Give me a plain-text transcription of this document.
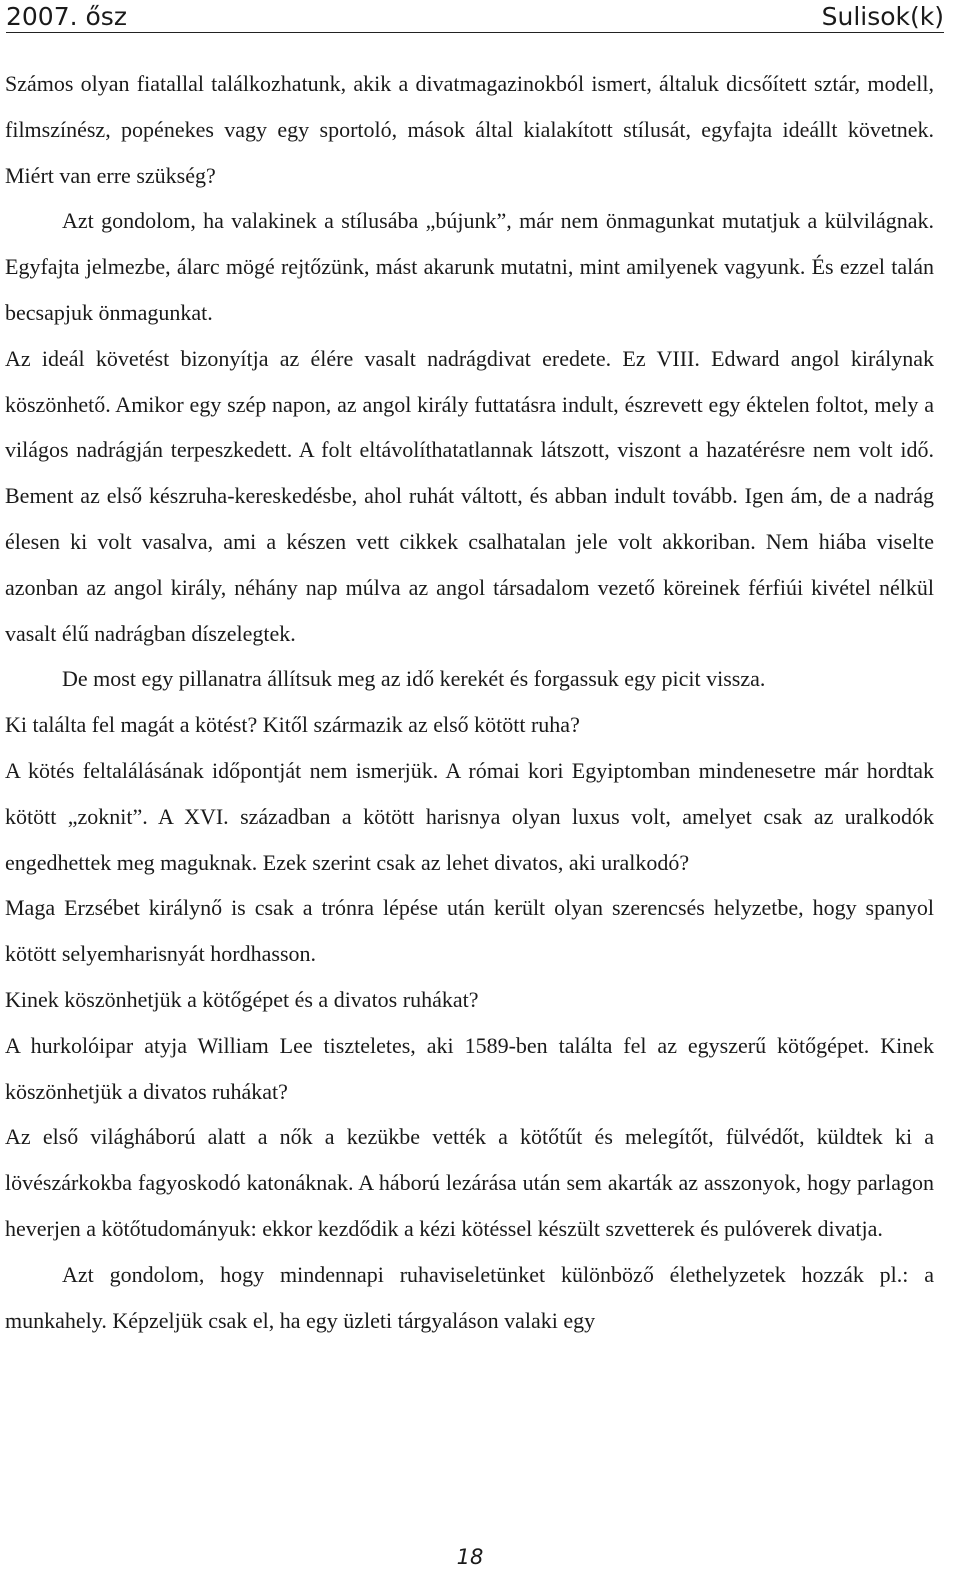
2007. ősz	Sulisok(k)

Számos olyan fiatallal találkozhatunk, akik a divatmagazinokból ismert, általuk dicsőített sztár, modell, filmszínész, popénekes vagy egy sportoló, mások által kialakított stílusát, egyfajta ideállt követnek. Miért van erre szükség?

Azt gondolom, ha valakinek a stílusába „bújunk”, már nem önmagunkat mutatjuk a külvilágnak. Egyfajta jelmezbe, álarc mögé rejtőzünk, mást akarunk mutatni, mint amilyenek vagyunk. És ezzel talán becsapjuk önmagunkat.

Az ideál követést bizonyítja az élére vasalt nadrágdivat eredete. Ez VIII. Edward angol királynak köszönhető. Amikor egy szép napon, az angol király futtatásra indult, észrevett egy éktelen foltot, mely a világos nadrágján terpeszkedett. A folt eltávolíthatatlannak látszott, viszont a hazatérésre nem volt idő. Bement az első készruha-kereskedésbe, ahol ruhát váltott, és abban indult tovább. Igen ám, de a nadrág élesen ki volt vasalva, ami a készen vett cikkek csalhatalan jele volt akkoriban. Nem hiába viselte azonban az angol király, néhány nap múlva az angol társadalom vezető köreinek férfiúi kivétel nélkül vasalt élű nadrágban díszelegtek.

De most egy pillanatra állítsuk meg az idő kerekét és forgassuk egy picit vissza.

Ki találta fel magát a kötést? Kitől származik az első kötött ruha?

A kötés feltalálásának időpontját nem ismerjük. A római kori Egyiptomban mindenesetre már hordtak kötött „zoknit”. A XVI. században a kötött harisnya olyan luxus volt, amelyet csak az uralkodók engedhettek meg maguknak. Ezek szerint csak az lehet divatos, aki uralkodó?

Maga Erzsébet királynő is csak a trónra lépése után került olyan szerencsés helyzetbe, hogy spanyol kötött selyemharisnyát hordhasson.

Kinek köszönhetjük a kötőgépet és a divatos ruhákat?

A hurkolóipar atyja William Lee tiszteletes, aki 1589-ben találta fel az egyszerű kötőgépet. Kinek köszönhetjük a divatos ruhákat?

Az első világháború alatt a nők a kezükbe vették a kötőtűt és melegítőt, fülvédőt, küldtek ki a lövészárkokba fagyoskodó katonáknak. A háború lezárása után sem akarták az asszonyok, hogy parlagon heverjen a kötőtudományuk: ekkor kezdődik a kézi kötéssel készült szvetterek és pulóverek divatja.

Azt gondolom, hogy mindennapi ruhaviseletünket különböző élethelyzetek hozzák pl.: a munkahely. Képzeljük csak el, ha egy üzleti tárgyaláson valaki egy

18
